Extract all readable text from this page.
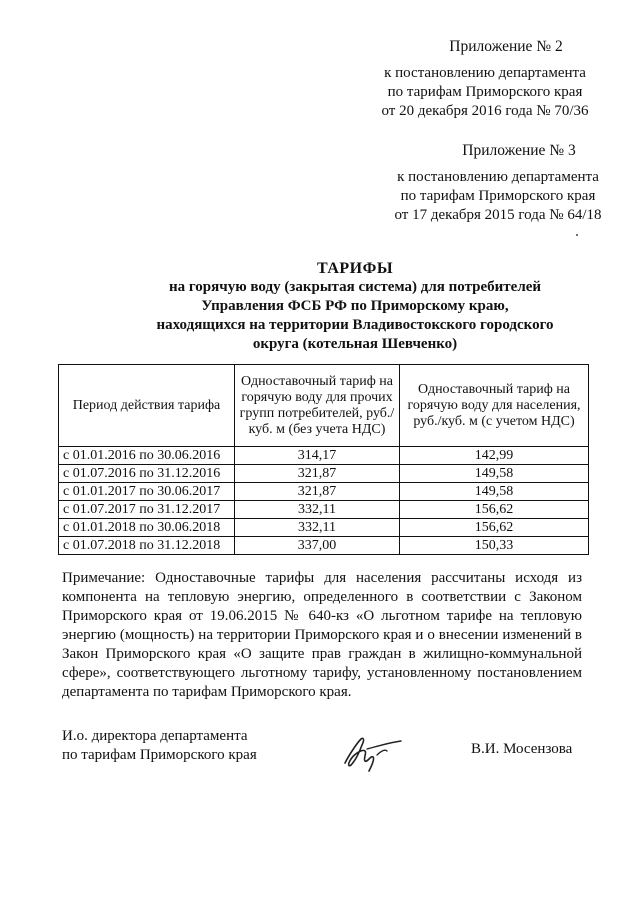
Приложение № 2
к постановлению департамента
по тарифам Приморского края
от 20 декабря 2016 года № 70/36
Приложение № 3
к постановлению департамента
по тарифам Приморского края
от 17 декабря 2015 года № 64/18
ТАРИФЫ
на горячую воду (закрытая система) для потребителей
Управления ФСБ РФ по Приморскому краю,
находящихся на территории Владивостокского городского
округа (котельная Шевченко)
Период действия тарифа	Одноставочный тариф на горячую воду для прочих групп потребителей, руб./куб. м (без учета НДС)	Одноставочный тариф на горячую воду для населения, руб./куб. м (с учетом НДС)
с 01.01.2016 по 30.06.2016	314,17	142,99
с 01.07.2016 по 31.12.2016	321,87	149,58
с 01.01.2017 по 30.06.2017	321,87	149,58
с 01.07.2017 по 31.12.2017	332,11	156,62
с 01.01.2018 по 30.06.2018	332,11	156,62
с 01.07.2018 по 31.12.2018	337,00	150,33
Примечание: Одноставочные тарифы для населения рассчитаны исходя из компонента на тепловую энергию, определенного в соответствии с Законом Приморского края от 19.06.2015 № 640-кз «О льготном тарифе на тепловую энергию (мощность) на территории Приморского края и о внесении изменений в Закон Приморского края «О защите прав граждан в жилищно-коммунальной сфере», соответствующего льготному тарифу, установленному постановлением департамента по тарифам Приморского края.
И.о. директора департамента
по тарифам Приморского края	В.И. Мосензова
